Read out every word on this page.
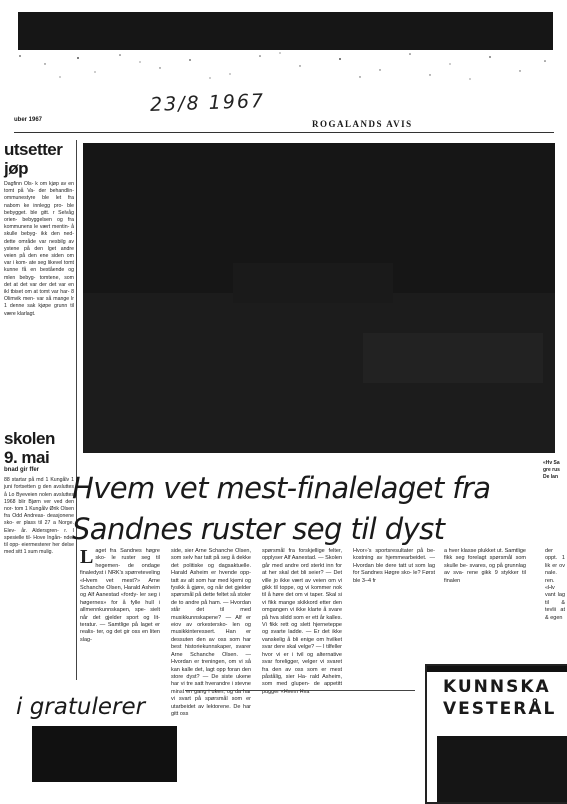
23/8 1967
uber 1967	ROGALANDS AVIS

utsetter

jøp

Dagfinn Ols- k om kjøp av en tomt på Va- der behandlin- ommunestyre ble let fra nabom ke innlegg pro- ble bebygget. ble gitt. r Selvåg orien- bebyggelsen og fra kommunens le vært mentin- å skulle bebyg- ikk den ned- dette område var nesbilg av ystene på den lget andre veien på den ene siden om var i kom- ate seg likevel tomt kunne få en bestående og mlen bebyg- tomtene, som det at det var der det var en ikl tbiset om at tomt var har- 8 Olimvik men- var så mange lr 1 denne sak kjøpe grunn til være klarlagt.

skolen

9. mai

bnad gir ffer

88 startar på md 1 Kungålv 1 juni fortsetten g den avsluttes å Lo Byeveien nolen avsluttes 1968 blir Bjørn ver ved den nor- tom 1 Kungålv Ørik Olsen fra Odd Andreas- deasjonene sko- er plass til 27 a Norge. Elev- år. Aldersgren- r. I spesielle til- Hove Ingån- nder til opp- eiermesterer her delse med sitt 1 sum mulig.

«Hv Sa gre rus De lan
Hvem vet mest-finalelaget fra
Sandnes ruster seg til dyst

Laget fra Sandnes høgre sko- le ruster seg til hegemen- de ondage finaledyst i NRK's spørreteveling «Hvem vet mest?» Arne Schanche Olsen, Harald Asheim og Alf Aanestad «fordy- ler seg i høgernes» for å fylle hull i allmennkunnskapen, spe- sielt når det gjelder sport og lit- teratur. — Samtlige på laget er realis- ter, og det gir oss en liten slag-

side, sier Arne Schanche Olsen, som selv har tatt på seg å dekke det politiske og dagsaktuelle. Harald Asheim er hvende opp- tatt av alt som har med kjemi og fysikk å gjøre, og når det gjelder spørsmål på dette feltet så stoler de to andre på ham. — Hvordan står det til med musikkunnskapene? — Alf er eiov av orkestersko- len og musikkinteressert. Han er dessuten den av oss som har best historiekunnskaper, svarer Arne Schanche Olsen. — Hvordan er treningen, om vi så kan kalle det, lagt opp foran den store dyst? — De siste ukene har vi tre satt hverandre i stevne minst en gang i uken, og da har vi svart på spørsmål som er utarbeidet av lektorene. De har gitt oss

spørsmål fra forskjellige felter, opplyser Alf Aanestad. — Skolen går med andre ord sterkt inn for at her skal det bli seier? — Det ville jo ikke vært av veien om vi gikk til toppe, og vi kommer nok til å høre det om vi taper. Skal si vi fikk mange skikkord etter den omgangen vi ikke klarte å svare på hva slidd som er ett år kalles. Vi fikk rett og slett hjerneteppe og svarte ladde. — Er det ikke vanskelig å bli enige om hvilket svar dere skal velge? — I tilfeller hvor vi er i tvil og alternative svar foreligger, velger vi svaret fra den av oss som er mest påstålig, sier Ha- rald Asheim, som med glupen- de appetitt pugger «Hvem Hva

Hvor»'s sportsresultater på be- kostning av hjemmearbeidet. — Hvordan ble dere tatt ut som lag for Sandnes Høgre sko- le? Først ble 3–4 fr

a hver klasse plukket ut. Samtlige fikk seg forelagt spørsmål som skulle be- svares, og på grunnlag av sva- rene gikk 9 stykker til finalen

der oppt. 1 lik er ov nale. ren. «Hv vant lag til & tevlii at & egen

i gratulerer
KUNNSKA
VESTERÅL
